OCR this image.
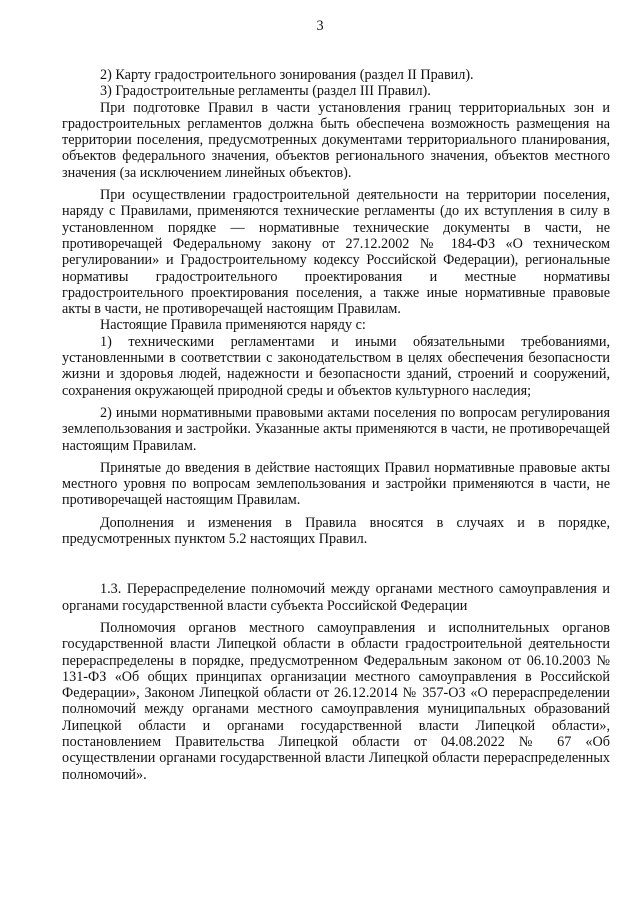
3

2) Карту градостроительного зонирования (раздел II Правил).

3) Градостроительные регламенты (раздел III Правил).

При подготовке Правил в части установления границ территориальных зон и градостроительных регламентов должна быть обеспечена возможность размещения на территории поселения, предусмотренных документами территориального планирования, объектов федерального значения, объектов регионального значения, объектов местного значения (за исключением линейных объектов).

При осуществлении градостроительной деятельности на территории поселения, наряду с Правилами, применяются технические регламенты (до их вступления в силу в установленном порядке — нормативные технические документы в части, не противоречащей Федеральному закону от 27.12.2002 № 184-ФЗ «О техническом регулировании» и Градостроительному кодексу Российской Федерации), региональные нормативы градостроительного проектирования и местные нормативы градостроительного проектирования поселения, а также иные нормативные правовые акты в части, не противоречащей настоящим Правилам.

Настоящие Правила применяются наряду с:

1) техническими регламентами и иными обязательными требованиями, установленными в соответствии с законодательством в целях обеспечения безопасности жизни и здоровья людей, надежности и безопасности зданий, строений и сооружений, сохранения окружающей природной среды и объектов культурного наследия;

2) иными нормативными правовыми актами поселения по вопросам регулирования землепользования и застройки. Указанные акты применяются в части, не противоречащей настоящим Правилам.

Принятые до введения в действие настоящих Правил нормативные правовые акты местного уровня по вопросам землепользования и застройки применяются в части, не противоречащей настоящим Правилам.

Дополнения и изменения в Правила вносятся в случаях и в порядке, предусмотренных пунктом 5.2 настоящих Правил.

1.3. Перераспределение полномочий между органами местного самоуправления и органами государственной власти субъекта Российской Федерации

Полномочия органов местного самоуправления и исполнительных органов государственной власти Липецкой области в области градостроительной деятельности перераспределены в порядке, предусмотренном Федеральным законом от 06.10.2003 № 131-ФЗ «Об общих принципах организации местного самоуправления в Российской Федерации», Законом Липецкой области от 26.12.2014 № 357-ОЗ «О перераспределении полномочий между органами местного самоуправления муниципальных образований Липецкой области и органами государственной власти Липецкой области», постановлением Правительства Липецкой области от 04.08.2022 № 67 «Об осуществлении органами государственной власти Липецкой области перераспределенных полномочий».
